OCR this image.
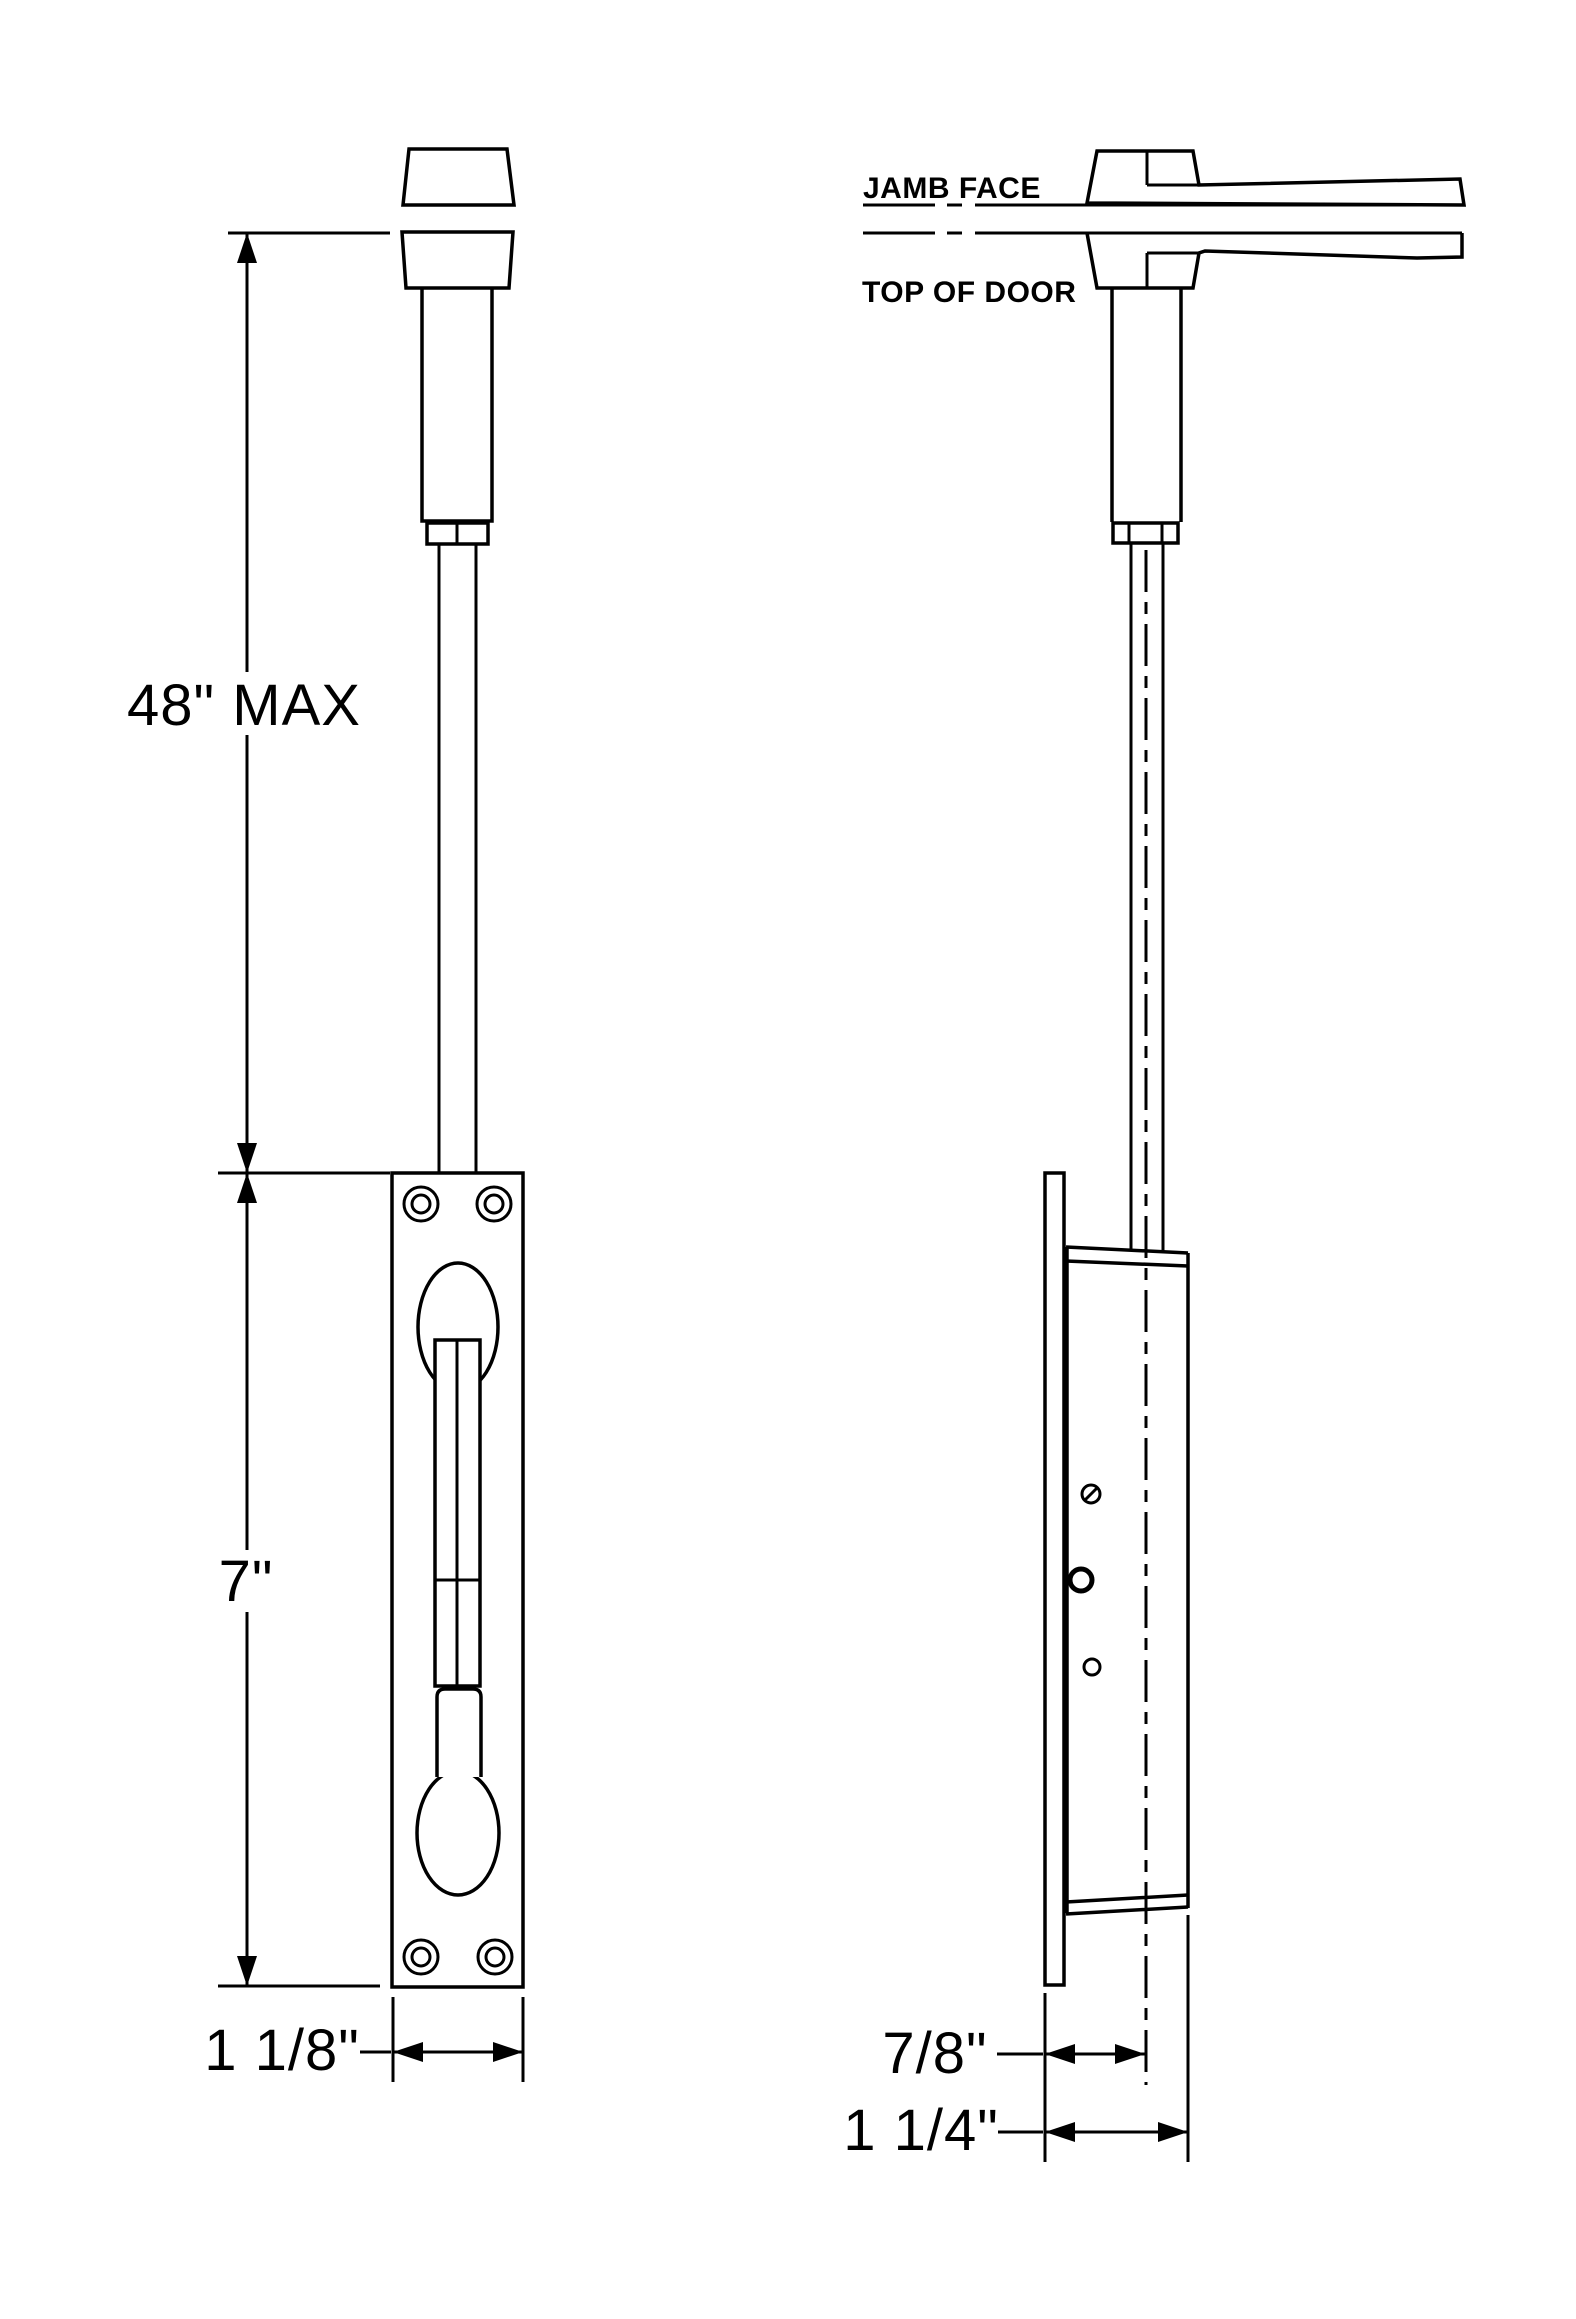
48" MAX
7"
1 1/8"	7/8"
1 1/4"
JAMB FACE
TOP OF DOOR
